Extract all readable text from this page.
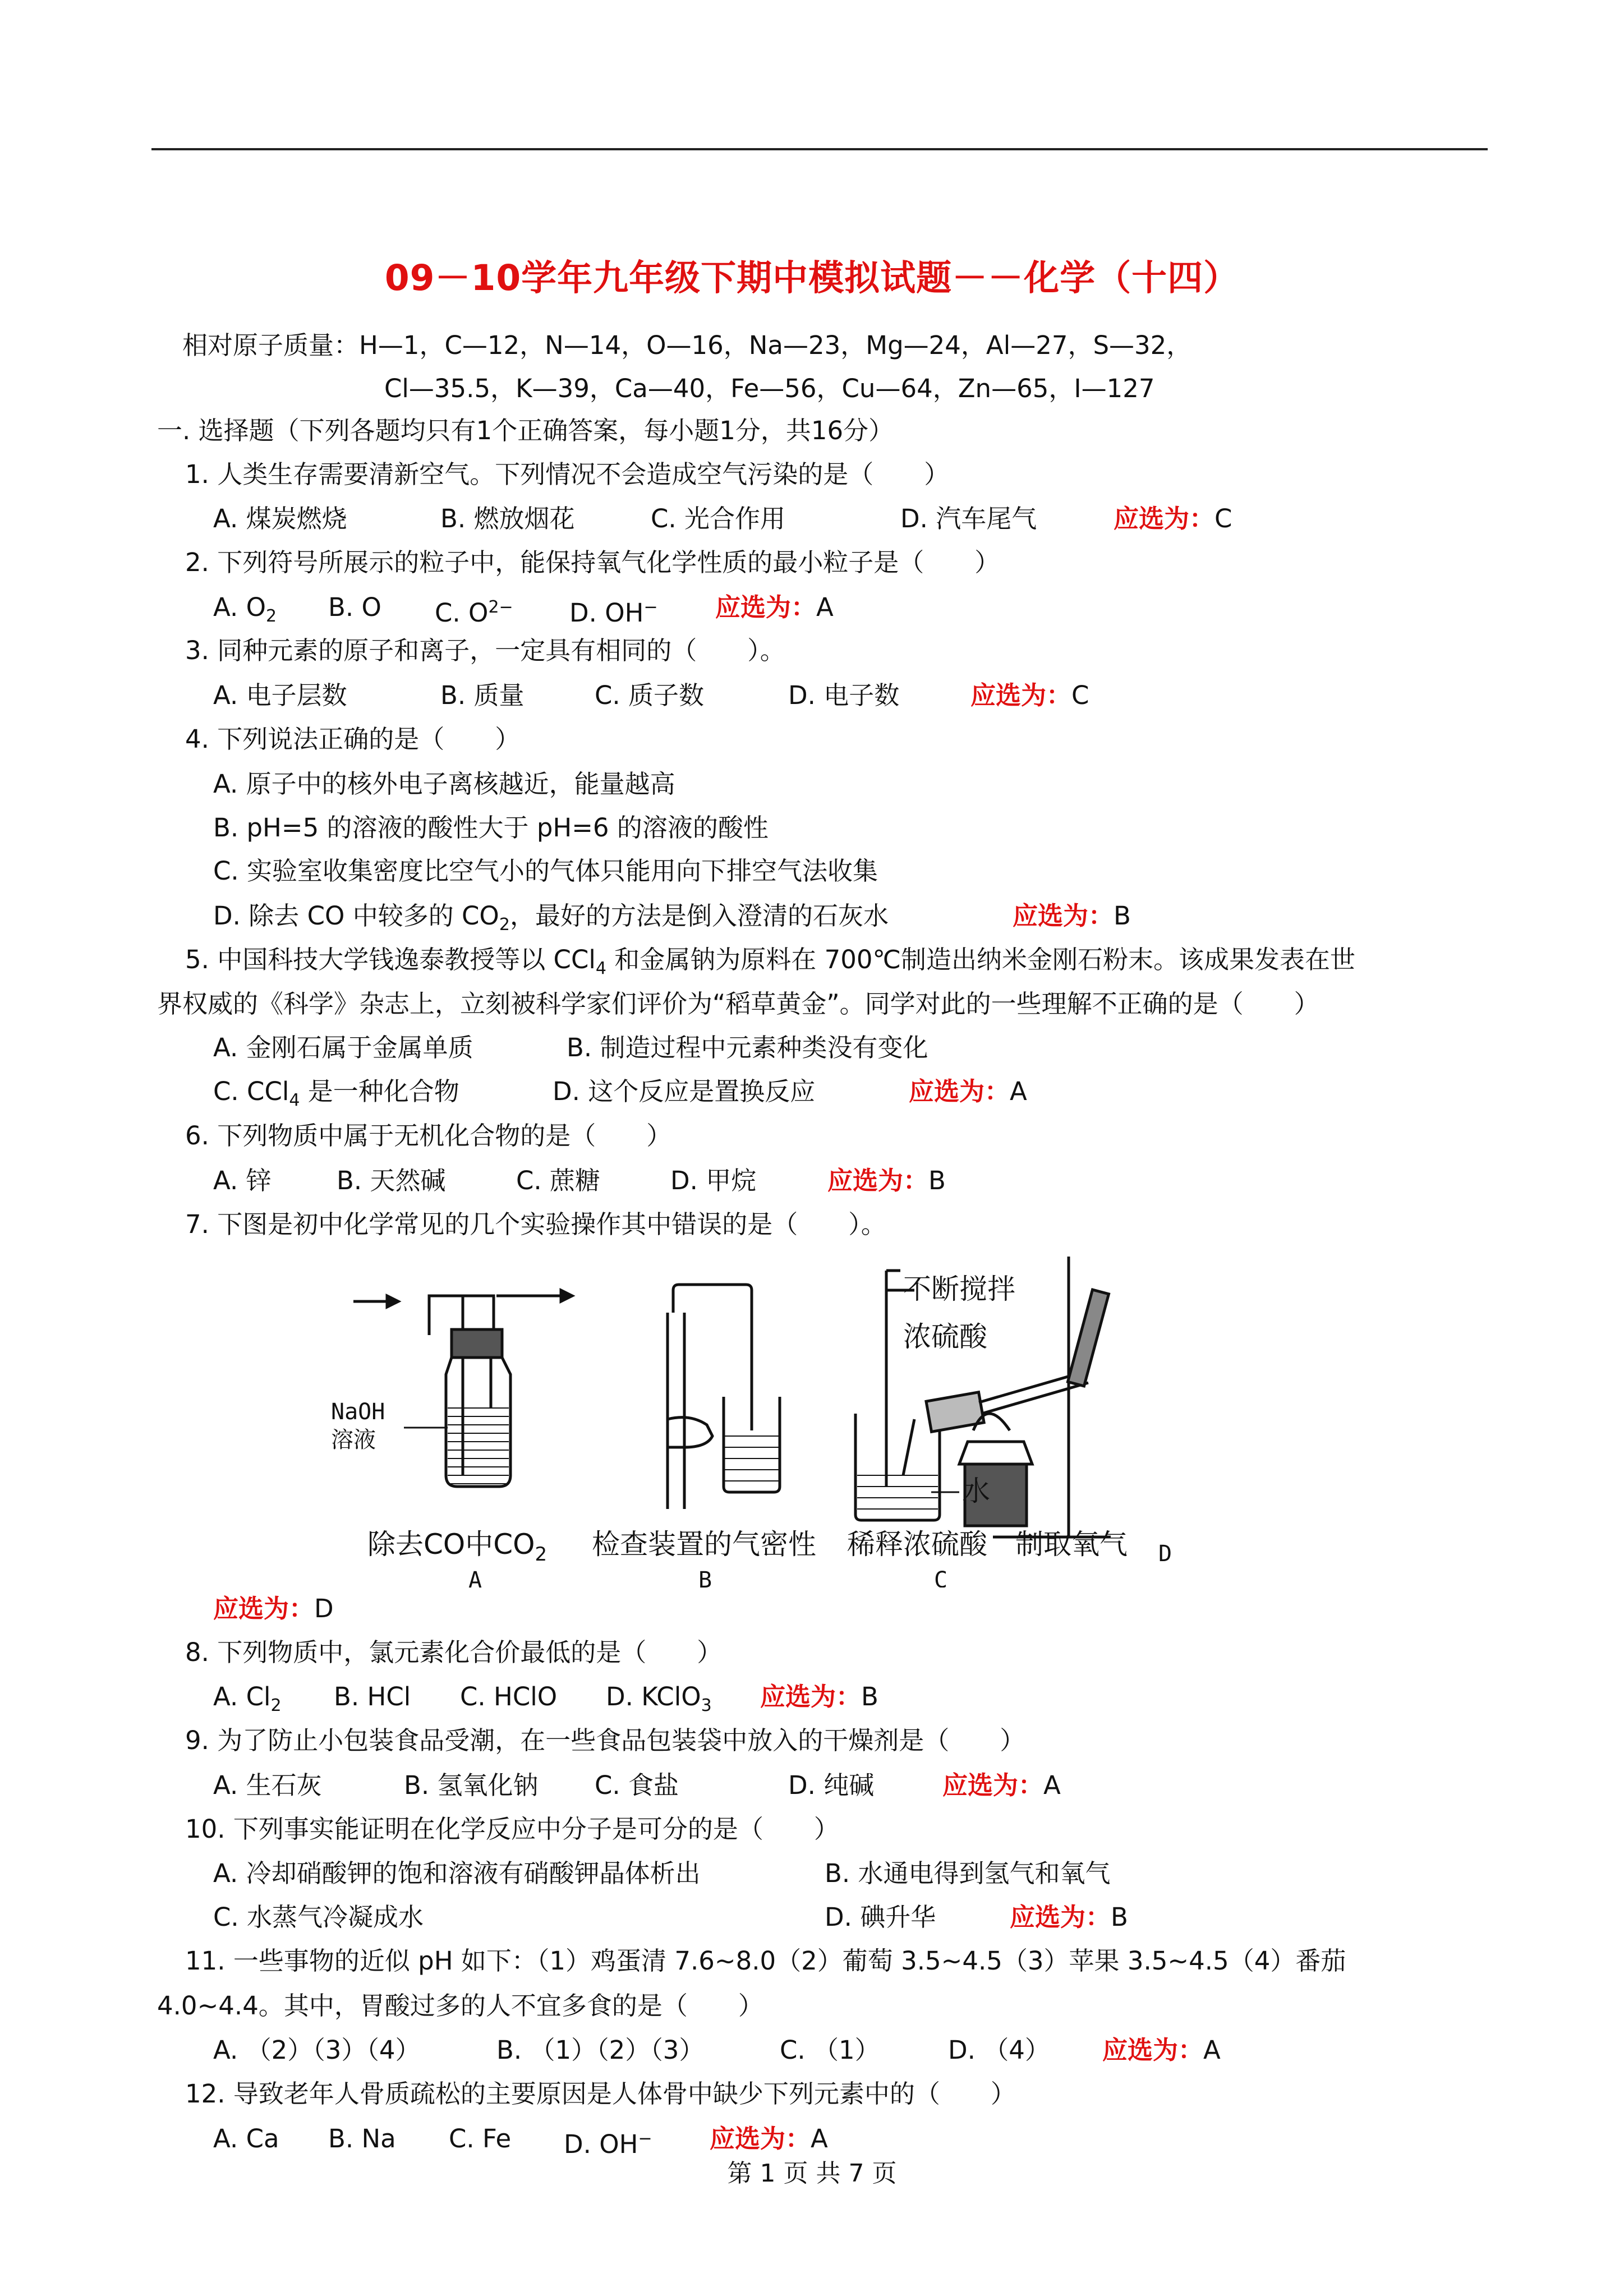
09－10学年九年级下期中模拟试题－－化学（十四）
相对原子质量：H—1，C—12，N—14，O—16，Na—23，Mg—24，Al—27，S—32，
Cl—35.5，K—39，Ca—40，Fe—56，Cu—64，Zn—65，I—127
一. 选择题（下列各题均只有1个正确答案，每小题1分，共16分）
1. 人类生存需要清新空气。下列情况不会造成空气污染的是（　　）
A. 煤炭燃烧	B. 燃放烟花	C. 光合作用	D. 汽车尾气	应选为：C
2. 下列符号所展示的粒子中，能保持氧气化学性质的最小粒子是（　　）
A. $O_2$ B. O C. $O^{2-}$ D. OH− 应选为：A
3. 同种元素的原子和离子，一定具有相同的（　　）。
A. 电子层数	B. 质量	C. 质子数	D. 电子数	应选为：C
4. 下列说法正确的是（　　）
A. 原子中的核外电子离核越近，能量越高
B. pH=5 的溶液的酸性大于 pH=6 的溶液的酸性
C. 实验室收集密度比空气小的气体只能用向下排空气法收集
D. 除去 CO 中较多的 $CO_2$，最好的方法是倒入澄清的石灰水	应选为：B
5. 中国科技大学钱逸泰教授等以 CCl$_4$ 和金属钠为原料在 700℃制造出纳米金刚石粉末。该成果发表在世
界权威的《科学》杂志上，立刻被科学家们评价为“稻草黄金”。同学对此的一些理解不正确的是（　　）
A. 金刚石属于金属单质	B. 制造过程中元素种类没有变化
C. CCl$_4$ 是一种化合物	D. 这个反应是置换反应	应选为：A
6. 下列物质中属于无机化合物的是（　　）
A. 锌	B. 天然碱	C. 蔗糖	D. 甲烷	应选为：B
7. 下图是初中化学常见的几个实验操作其中错误的是（　　）。
NaOH
溶液
除去CO中$CO_2$ 检查装置的气密性 稀释浓硫酸 制取氧气
不断搅拌
浓硫酸
水
A	B	C
D
应选为：D
8. 下列物质中，氯元素化合价最低的是（　　）
A. $Cl_2$ B. HCl C. HClO D. KClO$_3$ 应选为：B
9. 为了防止小包装食品受潮，在一些食品包装袋中放入的干燥剂是（　　）
A. 生石灰	B. 氢氧化钠 C. 食盐	D. 纯碱	应选为：A
10. 下列事实能证明在化学反应中分子是可分的是（　　）
A. 冷却硝酸钾的饱和溶液有硝酸钾晶体析出	B. 水通电得到氢气和氧气
C. 水蒸气冷凝成水	D. 碘升华	应选为：B
11. 一些事物的近似 pH 如下：（1）鸡蛋清 7.6~8.0（2）葡萄 3.5~4.5（3）苹果 3.5~4.5（4）番茄
4.0~4.4。其中，胃酸过多的人不宜多食的是（　　）
A. （2）（3）（4）	B. （1）（2）（3）	C. （1）	D. （4） 应选为：A
12. 导致老年人骨质疏松的主要原因是人体骨中缺少下列元素中的（　　）
A. Ca B. Na C. Fe D. OH− 应选为：A
第 1 页 共 7 页
